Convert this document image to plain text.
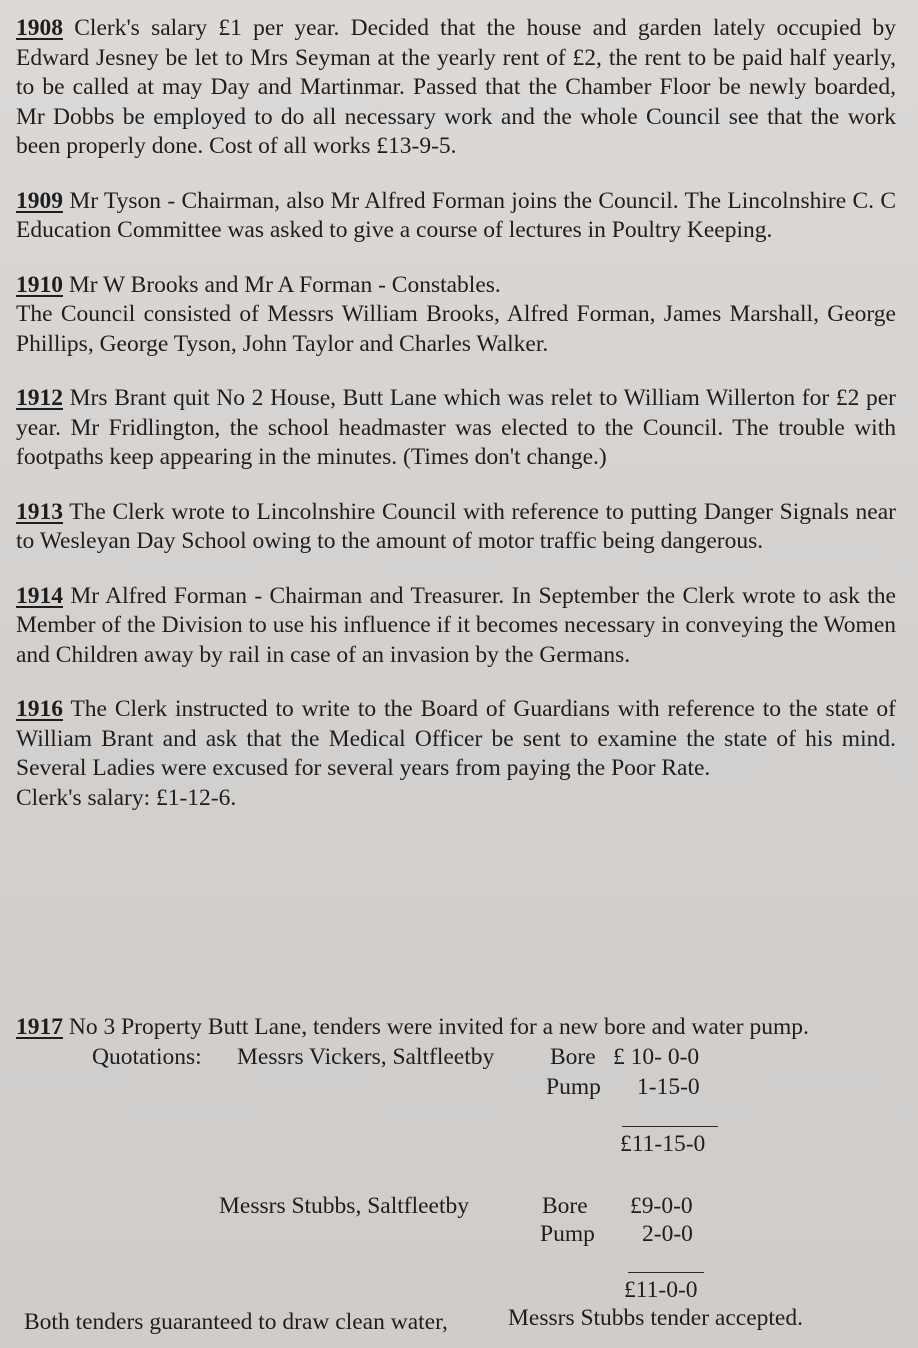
1908 Clerk's salary £1 per year. Decided that the house and garden lately occupied by Edward Jesney be let to Mrs Seyman at the yearly rent of £2, the rent to be paid half yearly, to be called at may Day and Martinmar. Passed that the Chamber Floor be newly boarded, Mr Dobbs be employed to do all necessary work and the whole Council see that the work been properly done. Cost of all works £13-9-5.

1909 Mr Tyson - Chairman, also Mr Alfred Forman joins the Council. The Lincolnshire C. C Education Committee was asked to give a course of lectures in Poultry Keeping.

1910 Mr W Brooks and Mr A Forman - Constables.
The Council consisted of Messrs William Brooks, Alfred Forman, James Marshall, George Phillips, George Tyson, John Taylor and Charles Walker.

1912 Mrs Brant quit No 2 House, Butt Lane which was relet to William Willerton for £2 per year. Mr Fridlington, the school headmaster was elected to the Council. The trouble with footpaths keep appearing in the minutes. (Times don't change.)

1913 The Clerk wrote to Lincolnshire Council with reference to putting Danger Signals near to Wesleyan Day School owing to the amount of motor traffic being dangerous.

1914 Mr Alfred Forman - Chairman and Treasurer. In September the Clerk wrote to ask the Member of the Division to use his influence if it becomes necessary in conveying the Women and Children away by rail in case of an invasion by the Germans.

1916 The Clerk instructed to write to the Board of Guardians with reference to the state of William Brant and ask that the Medical Officer be sent to examine the state of his mind. Several Ladies were excused for several years from paying the Poor Rate.
Clerk's salary: £1-12-6.

1917 No 3 Property Butt Lane, tenders were invited for a new bore and water pump.
Quotations: Messrs Vickers, Saltfleetby Bore £ 10- 0-0
Pump 1-15-0
£11-15-0
Messrs Stubbs, Saltfleetby	Bore £9-0-0
Pump 2-0-0
£11-0-0
Both tenders guaranteed to draw clean water,	Messrs Stubbs tender accepted.
